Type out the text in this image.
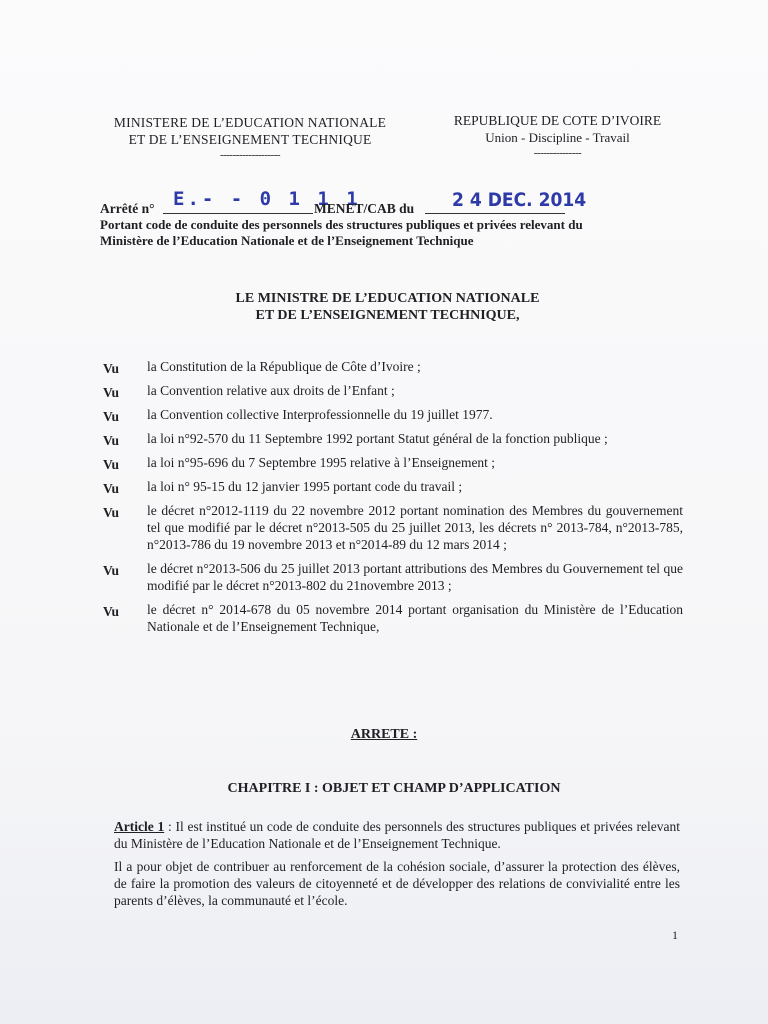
MINISTERE DE L’EDUCATION NATIONALE
ET DE L’ENSEIGNEMENT TECHNIQUE
-------------------
REPUBLIQUE DE COTE D’IVOIRE
Union - Discipline - Travail
---------------
Arrêté n° E.- - 0 1 1 1
MENET/CAB du 2 4 DEC. 2014
Portant code de conduite des personnels des structures publiques et privées relevant du
Ministère de l’Education Nationale et de l’Enseignement Technique
LE MINISTRE DE L’EDUCATION NATIONALE
ET DE L’ENSEIGNEMENT TECHNIQUE,
Vu	la Constitution de la République de Côte d’Ivoire ;
Vu	la Convention relative aux droits de l’Enfant ;
Vu	la Convention collective Interprofessionnelle du 19 juillet 1977.
Vu	la loi n°92-570 du 11 Septembre 1992 portant Statut général de la fonction publique ;
Vu	la loi n°95-696 du 7 Septembre 1995 relative à l’Enseignement ;
Vu	la loi n° 95-15 du 12 janvier 1995 portant code du travail ;
Vu	le décret n°2012-1119 du 22 novembre 2012 portant nomination des Membres du gouvernement tel que modifié par le décret n°2013-505 du 25 juillet 2013, les décrets n° 2013-784, n°2013-785, n°2013-786 du 19 novembre 2013 et n°2014-89 du 12 mars 2014 ;
Vu	le décret n°2013-506 du 25 juillet 2013 portant attributions des Membres du Gouvernement tel que modifié par le décret n°2013-802 du 21novembre 2013 ;
Vu	le décret n° 2014-678 du 05 novembre 2014 portant organisation du Ministère de l’Education Nationale et de l’Enseignement Technique,
ARRETE :
CHAPITRE I : OBJET ET CHAMP D’APPLICATION
Article 1 : Il est institué un code de conduite des personnels des structures publiques et privées relevant du Ministère de l’Education Nationale et de l’Enseignement Technique.
Il a pour objet de contribuer au renforcement de la cohésion sociale, d’assurer la protection des élèves, de faire la promotion des valeurs de citoyenneté et de développer des relations de convivialité entre les parents d’élèves, la communauté et l’école.
1
